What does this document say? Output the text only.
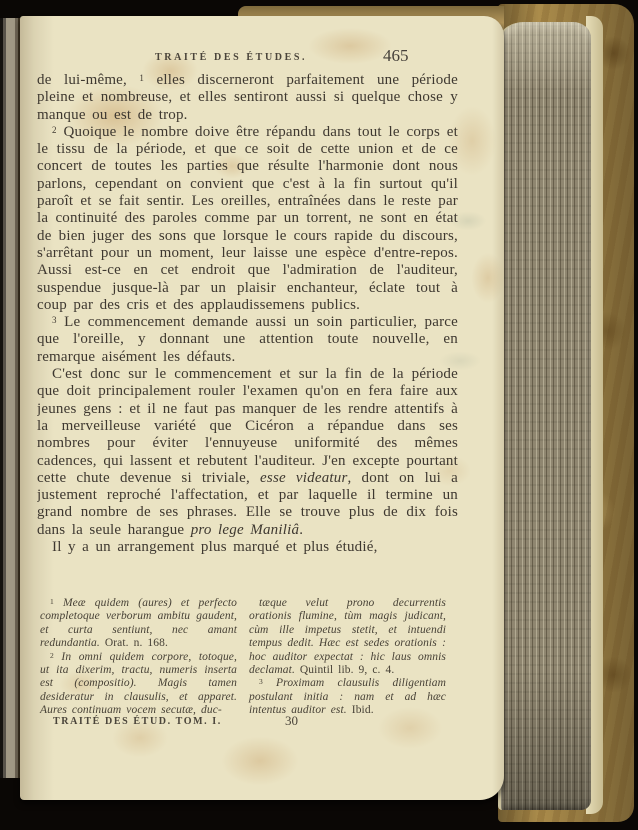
TRAITÉ DES ÉTUDES.	465

de lui-même, $^1$ elles discerneront parfaitement une période pleine et nombreuse, et elles sentiront aussi si quelque chose y manque ou est de trop.

$^2$ Quoique le nombre doive être répandu dans tout le corps et le tissu de la période, et que ce soit de cette union et de ce concert de toutes les parties que résulte l'harmonie dont nous parlons, cependant on convient que c'est à la fin surtout qu'il paroît et se fait sentir. Les oreilles, entraînées dans le reste par la continuité des paroles comme par un torrent, ne sont en état de bien juger des sons que lorsque le cours rapide du discours, s'arrêtant pour un moment, leur laisse une espèce d'entre-repos. Aussi est-ce en cet endroit que l'admiration de l'auditeur, suspendue jusque-là par un plaisir enchanteur, éclate tout à coup par des cris et des applaudissemens publics.

$^3$ Le commencement demande aussi un soin particulier, parce que l'oreille, y donnant une attention toute nouvelle, en remarque aisément les défauts.

C'est donc sur le commencement et sur la fin de la période que doit principalement rouler l'examen qu'on en fera faire aux jeunes gens : et il ne faut pas manquer de les rendre attentifs à la merveilleuse variété que Cicéron a répandue dans ses nombres pour éviter l'ennuyeuse uniformité des mêmes cadences, qui lassent et rebutent l'auditeur. J'en excepte pourtant cette chute devenue si triviale, esse videatur, dont on lui a justement reproché l'affectation, et par laquelle il termine un grand nombre de ses phrases. Elle se trouve plus de dix fois dans la seule harangue pro lege Maniliâ.

Il y a un arrangement plus marqué et plus étudié,

$^1$ Meæ quidem (aures) et perfecto completoque verborum ambitu gaudent, et curta sentiunt, nec amant redundantia. Orat. n. 168.

$^2$ In omni quidem corpore, totoque, ut ita dixerim, tractu, numeris inserta est (compositio). Magis tamen desideratur in clausulis, et apparet. Aures continuam vocem secutæ, duc-

tæque velut prono decurrentis orationis flumine, tùm magis judicant, cùm ille impetus stetit, et intuendi tempus dedit. Hæc est sedes orationis : hoc auditor expectat : hic laus omnis declamat. Quintil lib. 9, c. 4.

$^3$ Proximam clausulis diligentiam postulant initia : nam et ad hæc intentus auditor est. Ibid.

TRAITÉ DES ÉTUD. TOM. I.	30
